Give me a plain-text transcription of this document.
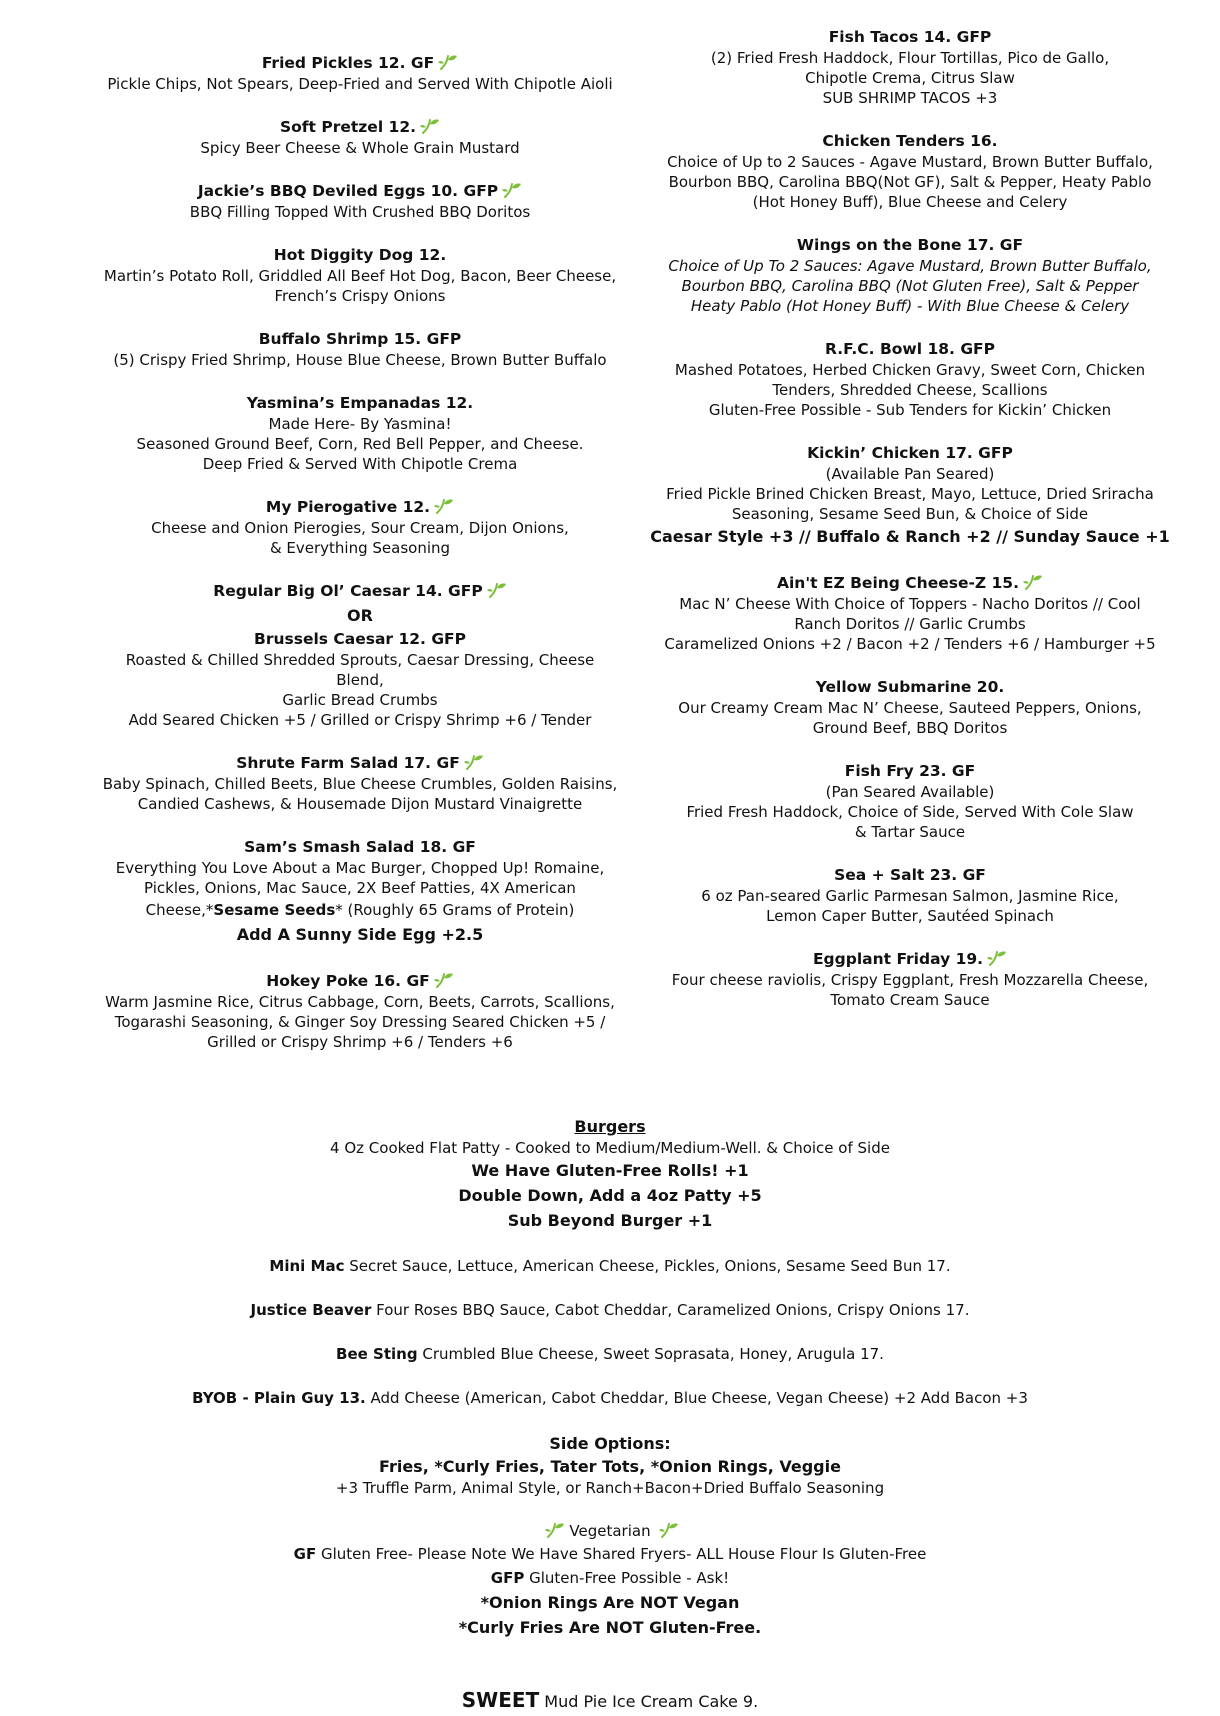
Fried Pickles 12. GF
Pickle Chips, Not Spears, Deep-Fried and Served With Chipotle Aioli
Soft Pretzel 12.
Spicy Beer Cheese & Whole Grain Mustard
Jackie’s BBQ Deviled Eggs 10. GFP
BBQ Filling Topped With Crushed BBQ Doritos
Hot Diggity Dog 12.
Martin’s Potato Roll, Griddled All Beef Hot Dog, Bacon, Beer Cheese,
French’s Crispy Onions
Buffalo Shrimp 15. GFP
(5) Crispy Fried Shrimp, House Blue Cheese, Brown Butter Buffalo
Yasmina’s Empanadas 12.
Made Here- By Yasmina!
Seasoned Ground Beef, Corn, Red Bell Pepper, and Cheese.
Deep Fried & Served With Chipotle Crema
My Pierogative 12.
Cheese and Onion Pierogies, Sour Cream, Dijon Onions,
& Everything Seasoning
Regular Big Ol’ Caesar 14. GFP
OR
Brussels Caesar 12. GFP
Roasted & Chilled Shredded Sprouts, Caesar Dressing, Cheese Blend,
Garlic Bread Crumbs
Add Seared Chicken +5 / Grilled or Crispy Shrimp +6 / Tender
Shrute Farm Salad 17. GF
Baby Spinach, Chilled Beets, Blue Cheese Crumbles, Golden Raisins,
Candied Cashews, & Housemade Dijon Mustard Vinaigrette
Sam’s Smash Salad 18. GF
Everything You Love About a Mac Burger, Chopped Up! Romaine,
Pickles, Onions, Mac Sauce, 2X Beef Patties, 4X American
Cheese,*Sesame Seeds* (Roughly 65 Grams of Protein)
Add A Sunny Side Egg +2.5
Hokey Poke 16. GF
Warm Jasmine Rice, Citrus Cabbage, Corn, Beets, Carrots, Scallions,
Togarashi Seasoning, & Ginger Soy Dressing Seared Chicken +5 /
Grilled or Crispy Shrimp +6 / Tenders +6
Fish Tacos 14. GFP
(2) Fried Fresh Haddock, Flour Tortillas, Pico de Gallo,
Chipotle Crema, Citrus Slaw
SUB SHRIMP TACOS +3
Chicken Tenders 16.
Choice of Up to 2 Sauces - Agave Mustard, Brown Butter Buffalo,
Bourbon BBQ, Carolina BBQ(Not GF), Salt & Pepper, Heaty Pablo
(Hot Honey Buff), Blue Cheese and Celery
Wings on the Bone 17. GF
Choice of Up To 2 Sauces: Agave Mustard, Brown Butter Buffalo,
Bourbon BBQ, Carolina BBQ (Not Gluten Free), Salt & Pepper
Heaty Pablo (Hot Honey Buff) - With Blue Cheese & Celery
R.F.C. Bowl 18. GFP
Mashed Potatoes, Herbed Chicken Gravy, Sweet Corn, Chicken
Tenders, Shredded Cheese, Scallions
Gluten-Free Possible - Sub Tenders for Kickin’ Chicken
Kickin’ Chicken 17. GFP
(Available Pan Seared)
Fried Pickle Brined Chicken Breast, Mayo, Lettuce, Dried Sriracha
Seasoning, Sesame Seed Bun, & Choice of Side
Caesar Style +3 // Buffalo & Ranch +2 // Sunday Sauce +1
Ain't EZ Being Cheese-Z 15.
Mac N’ Cheese With Choice of Toppers - Nacho Doritos // Cool
Ranch Doritos // Garlic Crumbs
Caramelized Onions +2 / Bacon +2 / Tenders +6 / Hamburger +5
Yellow Submarine 20.
Our Creamy Cream Mac N’ Cheese, Sauteed Peppers, Onions,
Ground Beef, BBQ Doritos
Fish Fry 23. GF
(Pan Seared Available)
Fried Fresh Haddock, Choice of Side, Served With Cole Slaw
& Tartar Sauce
Sea + Salt 23. GF
6 oz Pan-seared Garlic Parmesan Salmon, Jasmine Rice,
Lemon Caper Butter, Sautéed Spinach
Eggplant Friday 19.
Four cheese raviolis, Crispy Eggplant, Fresh Mozzarella Cheese,
Tomato Cream Sauce
Burgers
4 Oz Cooked Flat Patty - Cooked to Medium/Medium-Well. & Choice of Side
We Have Gluten-Free Rolls! +1
Double Down, Add a 4oz Patty +5
Sub Beyond Burger +1
Mini Mac Secret Sauce, Lettuce, American Cheese, Pickles, Onions, Sesame Seed Bun 17.
Justice Beaver Four Roses BBQ Sauce, Cabot Cheddar, Caramelized Onions, Crispy Onions 17.
Bee Sting Crumbled Blue Cheese, Sweet Soprasata, Honey, Arugula 17.
BYOB - Plain Guy 13. Add Cheese (American, Cabot Cheddar, Blue Cheese, Vegan Cheese) +2 Add Bacon +3
Side Options:
Fries, *Curly Fries, Tater Tots, *Onion Rings, Veggie
+3 Truffle Parm, Animal Style, or Ranch+Bacon+Dried Buffalo Seasoning
Vegetarian
GF Gluten Free- Please Note We Have Shared Fryers- ALL House Flour Is Gluten-Free
GFP Gluten-Free Possible - Ask!
*Onion Rings Are NOT Vegan
*Curly Fries Are NOT Gluten-Free.
SWEET Mud Pie Ice Cream Cake 9.
